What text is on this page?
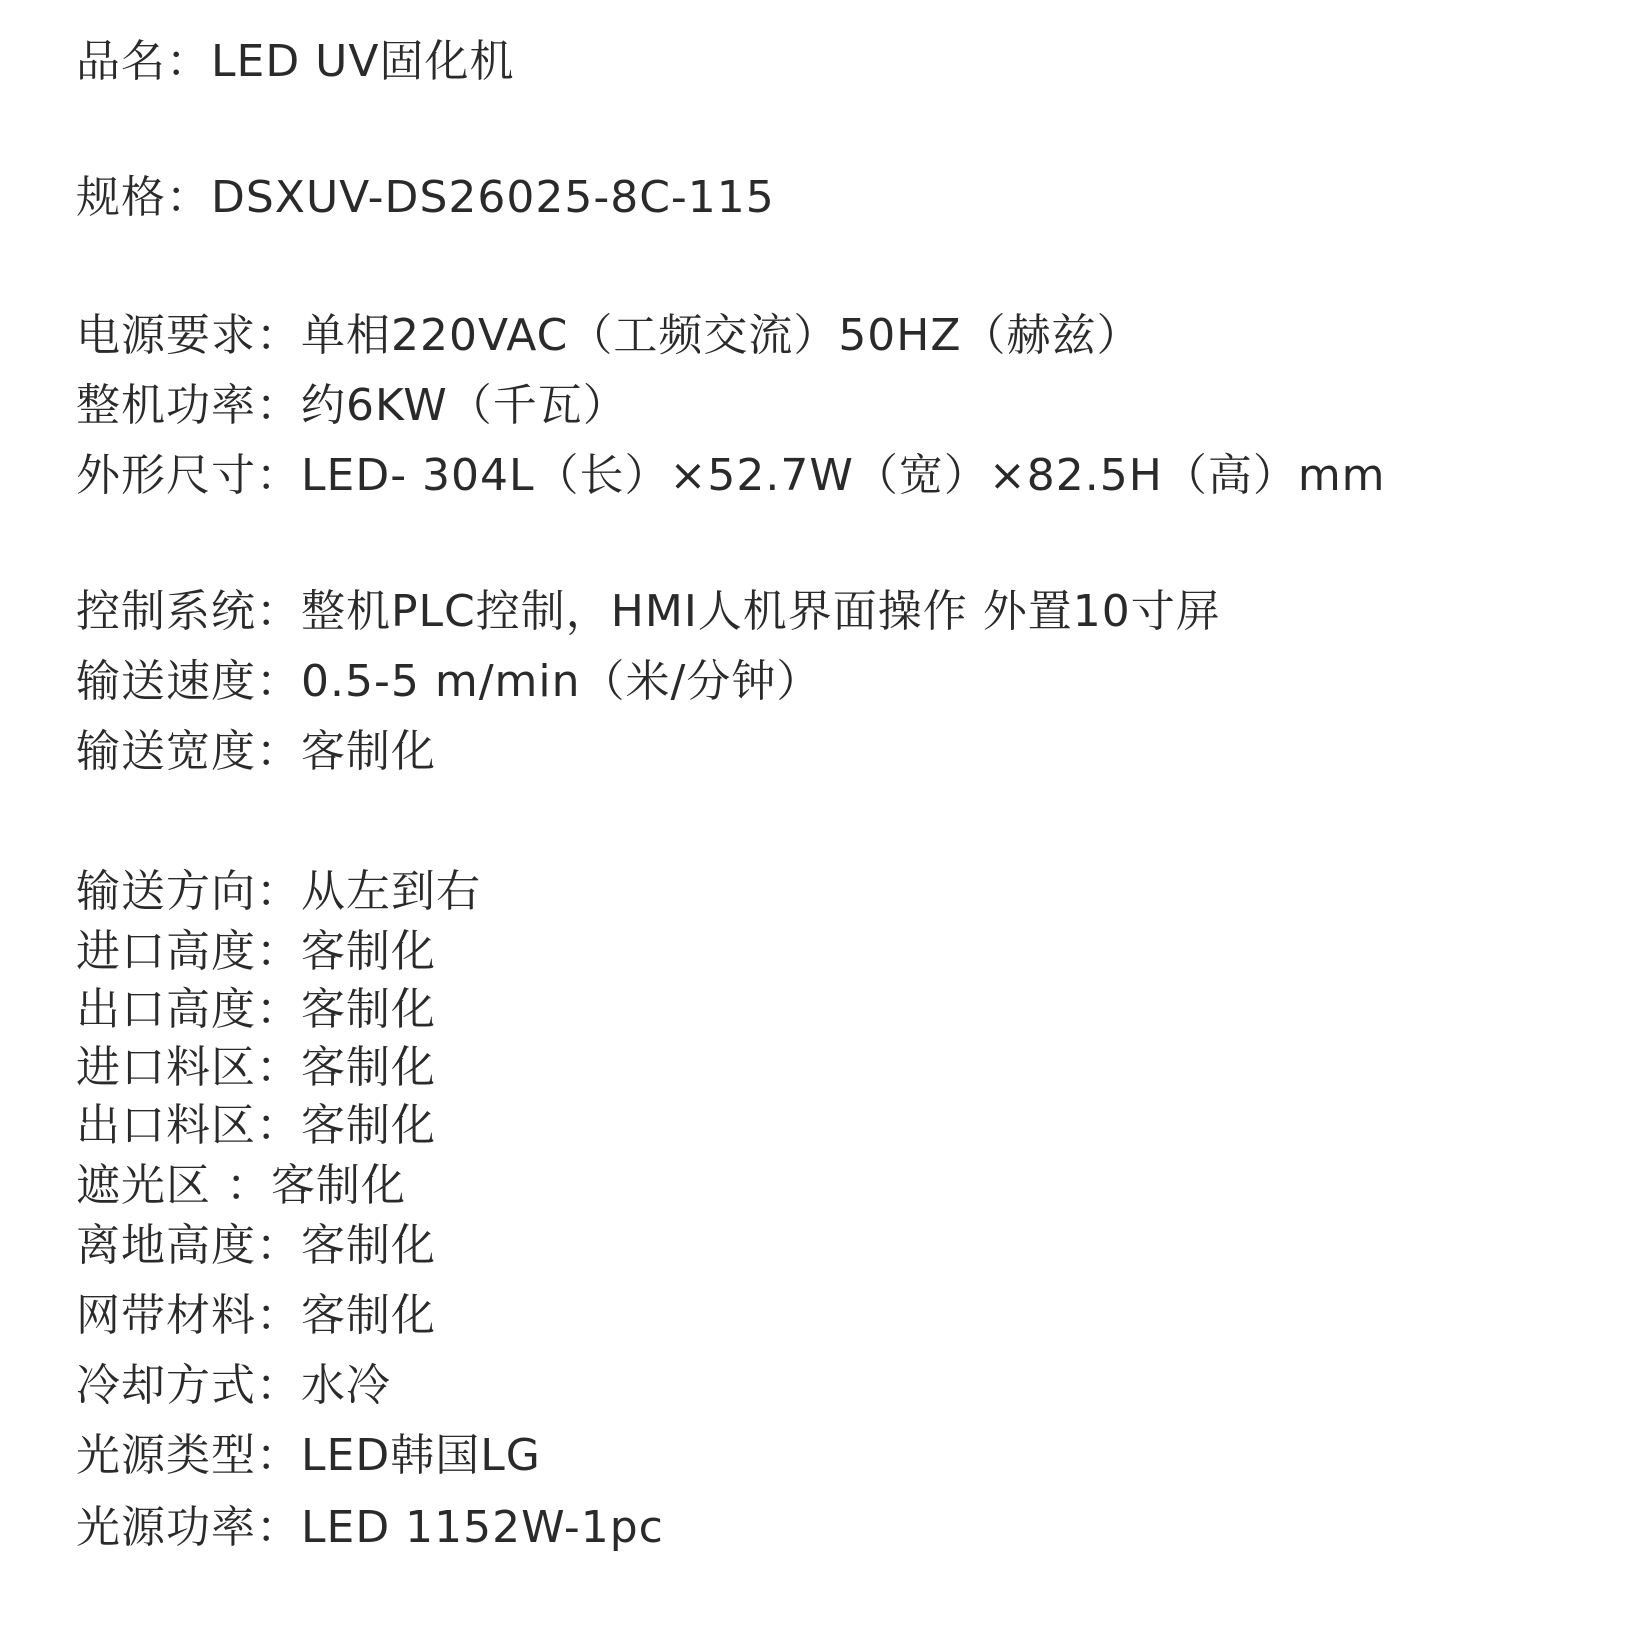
品名：LED UV固化机
规格：DSXUV-DS26025-8C-115
电源要求：单相220VAC（工频交流）50HZ（赫兹）
整机功率：约6KW（千瓦）
外形尺寸：LED- 304L（长）×52.7W（宽）×82.5H（高）mm
控制系统：整机PLC控制，HMI人机界面操作 外置10寸屏
输送速度：0.5-5 m/min（米/分钟）
输送宽度：客制化
输送方向：从左到右
进口高度：客制化
出口高度：客制化
进口料区：客制化
出口料区：客制化
遮光区 ：客制化
离地高度：客制化
网带材料：客制化
冷却方式：水冷
光源类型：LED韩国LG
光源功率：LED 1152W-1pc
